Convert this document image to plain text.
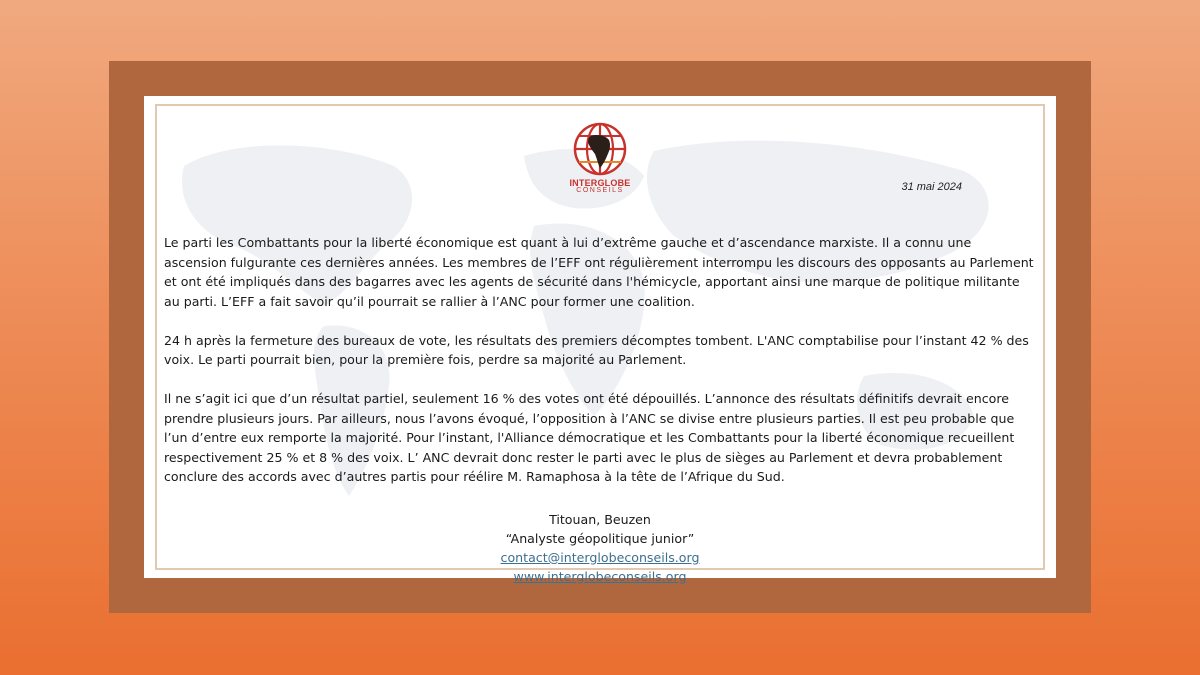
INTERGLOBE
CONSEILS	31 mai 2024

Le parti les Combattants pour la liberté économique est quant à lui d’extrême gauche et d’ascendance marxiste. Il a connu une ascension fulgurante ces dernières années. Les membres de l’EFF ont régulièrement interrompu les discours des opposants au Parlement et ont été impliqués dans des bagarres avec les agents de sécurité dans l'hémicycle, apportant ainsi une marque de politique militante au parti. L’EFF a fait savoir qu’il pourrait se rallier à l’ANC pour former une coalition.

24 h après la fermeture des bureaux de vote, les résultats des premiers décomptes tombent. L'ANC comptabilise pour l’instant 42 % des voix. Le parti pourrait bien, pour la première fois, perdre sa majorité au Parlement.

Il ne s’agit ici que d’un résultat partiel, seulement 16 % des votes ont été dépouillés. L’annonce des résultats définitifs devrait encore prendre plusieurs jours. Par ailleurs, nous l’avons évoqué, l’opposition à l’ANC se divise entre plusieurs parties. Il est peu probable que l’un d’entre eux remporte la majorité. Pour l’instant, l'Alliance démocratique et les Combattants pour la liberté économique recueillent respectivement 25 % et 8 % des voix. L’ ANC devrait donc rester le parti avec le plus de sièges au Parlement et devra probablement conclure des accords avec d’autres partis pour réélire M. Ramaphosa à la tête de l’Afrique du Sud.

Titouan, Beuzen
“Analyste géopolitique junior”
contact@interglobeconseils.org
www.interglobeconseils.org
